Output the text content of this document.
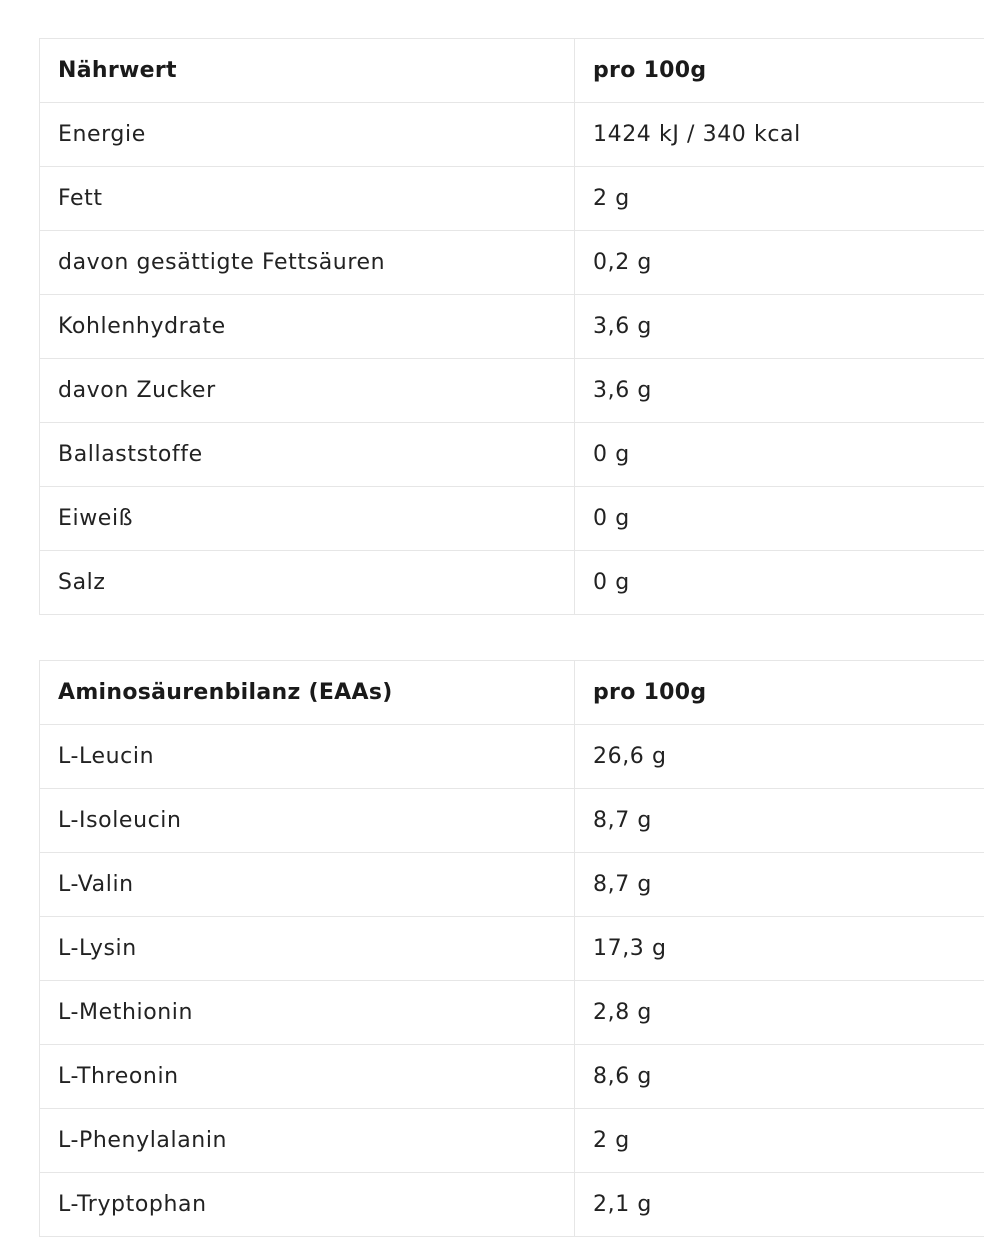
Nährwert	pro 100g
Energie	1424 kJ / 340 kcal
Fett	2 g
davon gesättigte Fettsäuren	0,2 g
Kohlenhydrate	3,6 g
davon Zucker	3,6 g
Ballaststoffe	0 g
Eiweiß	0 g
Salz	0 g
Aminosäurenbilanz (EAAs)	pro 100g
L-Leucin	26,6 g
L-Isoleucin	8,7 g
L-Valin	8,7 g
L-Lysin	17,3 g
L-Methionin	2,8 g
L-Threonin	8,6 g
L-Phenylalanin	2 g
L-Tryptophan	2,1 g
